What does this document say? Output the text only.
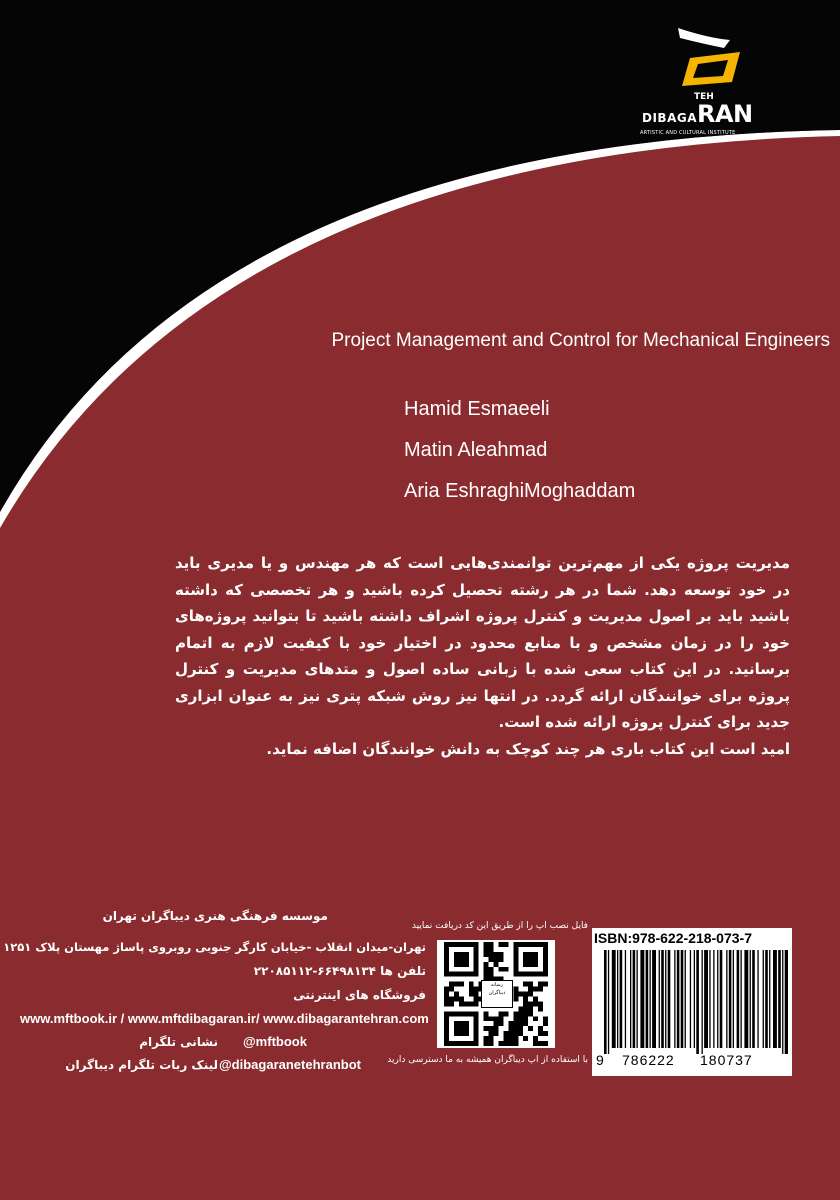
TEH
DIBAGARAN
ARTISTIC AND CULTURAL INSTITUTE
Project Management and Control for Mechanical Engineers
Hamid Esmaeeli
Matin Aleahmad
Aria EshraghiMoghaddam

مدیریت پروژه یکی از مهم‌ترین توانمندی‌هایی است که هر مهندس و یا مدیری باید در خود توسعه دهد. شما در هر رشته تحصیل کرده باشید و هر تخصصی که داشته باشید باید بر اصول مدیریت و کنترل پروژه اشراف داشته باشید تا بتوانید پروژه‌های خود را در زمان مشخص و با منابع محدود در اختیار خود با کیفیت لازم به اتمام برسانید. در این کتاب سعی شده با زبانی ساده اصول و متدهای مدیریت و کنترل پروژه برای خوانندگان ارائه گردد. در انتها نیز روش شبکه پتری نیز به عنوان ابزاری جدید برای کنترل پروژه ارائه شده است.

امید است این کتاب باری هر چند کوچک به دانش خوانندگان اضافه نماید.

موسسه فرهنگی هنری دیباگران تهران
تهران-میدان انقلاب -خیابان کارگر جنوبی روبروی پاساژ مهستان پلاک ۱۲۵۱
تلفن ها ۶۶۴۹۸۱۳۴-۲۲۰۸۵۱۱۲
فروشگاه های اینترنتی
www.mftbook.ir / www.mftdibagaran.ir/ www.dibagarantehran.com
نشانی تلگرام @mftbook
لینک ربات تلگرام دیباگران @dibagaranetehranbot
فایل نصب اپ را از طریق این کد دریافت نمایید
رسانه دیباگران
با استفاده از اپ دیباگران همیشه به ما دسترسی دارید
ISBN:978-622-218-073-7
9 786222 180737
